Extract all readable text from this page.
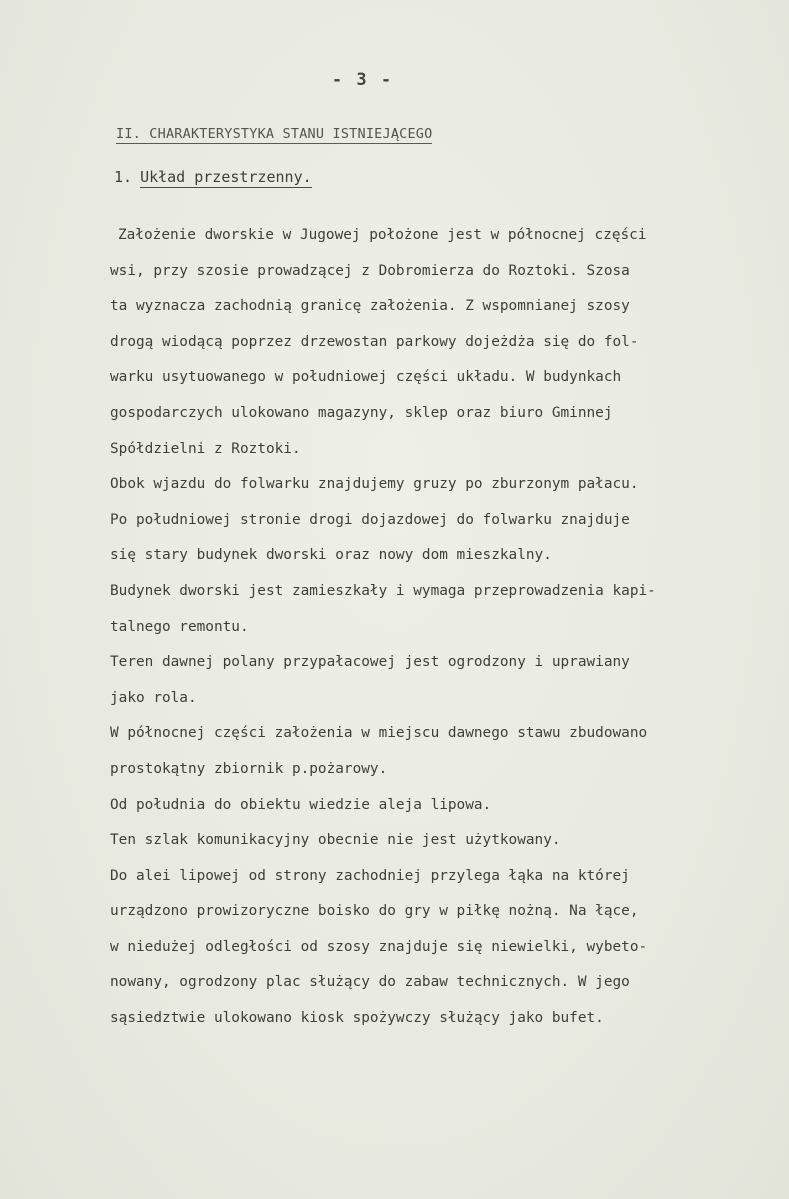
- 3 -
II. CHARAKTERYSTYKA STANU ISTNIEJĄCEGO
1. Układ przestrzenny.
Założenie dworskie w Jugowej położone jest w północnej części
wsi, przy szosie prowadzącej z Dobromierza do Roztoki. Szosa
ta wyznacza zachodnią granicę założenia. Z wspomnianej szosy
drogą wiodącą poprzez drzewostan parkowy dojeżdża się do fol-
warku usytuowanego w południowej części układu. W budynkach
gospodarczych ulokowano magazyny, sklep oraz biuro Gminnej
Spółdzielni z Roztoki.
Obok wjazdu do folwarku znajdujemy gruzy po zburzonym pałacu.
Po południowej stronie drogi dojazdowej do folwarku znajduje
się stary budynek dworski oraz nowy dom mieszkalny.
Budynek dworski jest zamieszkały i wymaga przeprowadzenia kapi-
talnego remontu.
Teren dawnej polany przypałacowej jest ogrodzony i uprawiany
jako rola.
W północnej części założenia w miejscu dawnego stawu zbudowano
prostokątny zbiornik p.pożarowy.
Od południa do obiektu wiedzie aleja lipowa.
Ten szlak komunikacyjny obecnie nie jest użytkowany.
Do alei lipowej od strony zachodniej przylega łąka na której
urządzono prowizoryczne boisko do gry w piłkę nożną. Na łące,
w niedużej odległości od szosy znajduje się niewielki, wybeto-
nowany, ogrodzony plac służący do zabaw technicznych. W jego
sąsiedztwie ulokowano kiosk spożywczy służący jako bufet.
